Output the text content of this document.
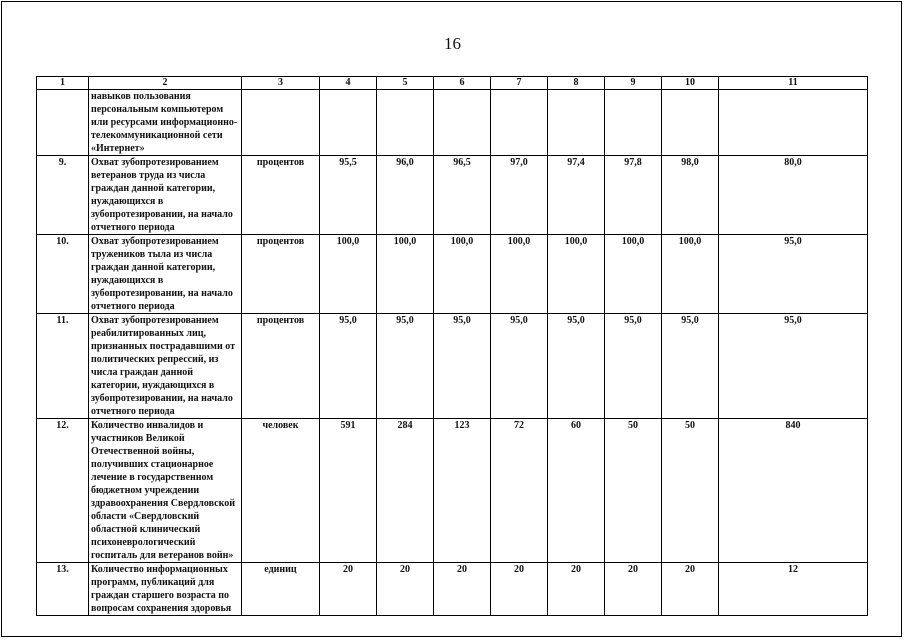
16
1	2	3	4	5	6	7	8	9	10	11
	навыков пользования персональным компьютером или ресурсами информационно-телекоммуникационной сети «Интернет»									
9.	Охват зубопротезированием ветеранов труда из числа граждан данной категории, нуждающихся в зубопротезировании, на начало отчетного периода	процентов	95,5	96,0	96,5	97,0	97,4	97,8	98,0	80,0
10.	Охват зубопротезированием тружеников тыла из числа граждан данной категории, нуждающихся в зубопротезировании, на начало отчетного периода	процентов	100,0	100,0	100,0	100,0	100,0	100,0	100,0	95,0
11.	Охват зубопротезированием реабилитированных лиц, признанных пострадавшими от политических репрессий, из числа граждан данной категории, нуждающихся в зубопротезировании, на начало отчетного периода	процентов	95,0	95,0	95,0	95,0	95,0	95,0	95,0	95,0
12.	Количество инвалидов и участников Великой Отечественной войны, получивших стационарное лечение в государственном бюджетном учреждении здравоохранения Свердловской области «Свердловский областной клинический психоневрологический госпиталь для ветеранов войн»	человек	591	284	123	72	60	50	50	840
13.	Количество информационных программ, публикаций для граждан старшего возраста по вопросам сохранения здоровья	единиц	20	20	20	20	20	20	20	12
